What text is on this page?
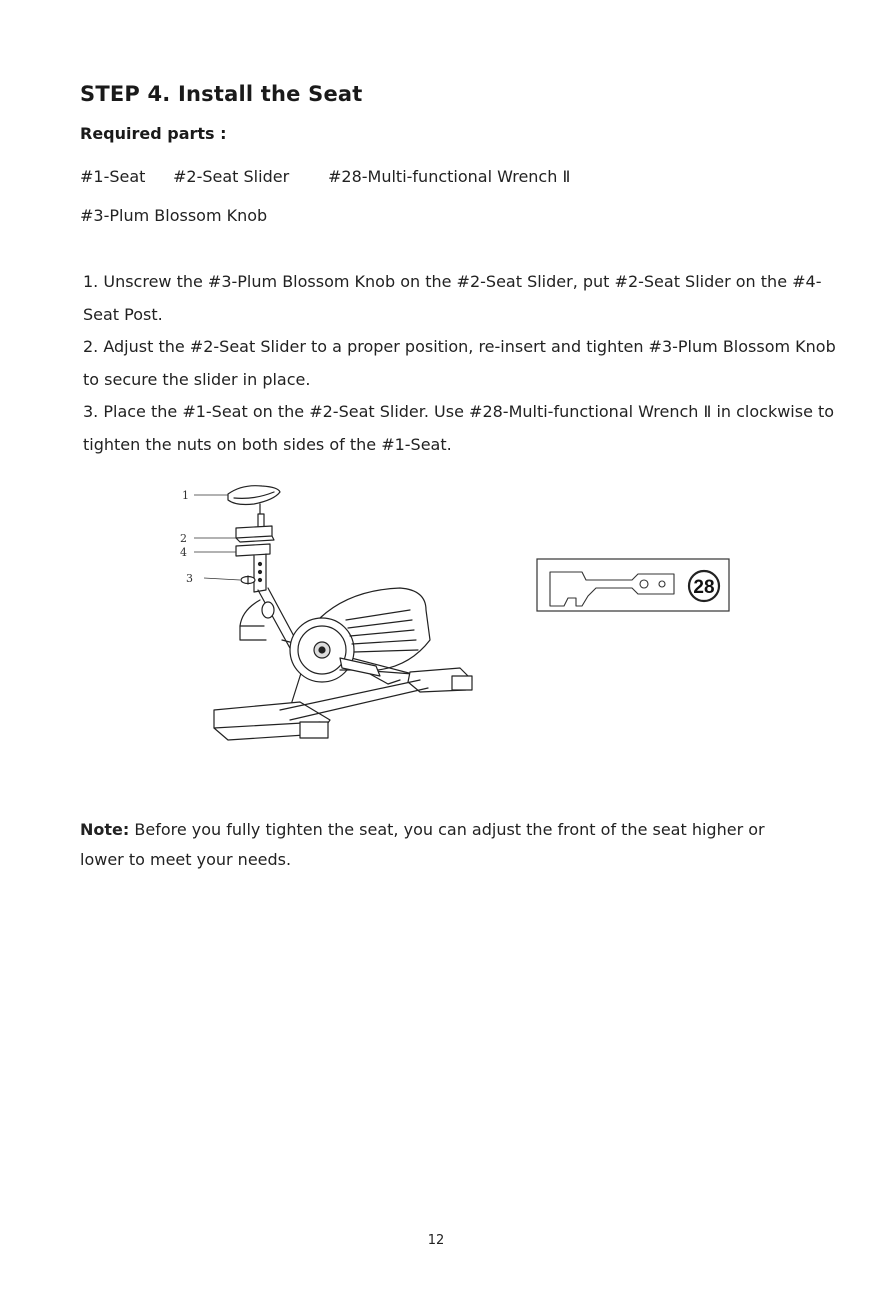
STEP 4. Install the Seat
Required parts :
#1-Seat #2-Seat Slider #28-Multi-functional Wrench Ⅱ
#3-Plum Blossom Knob

1. Unscrew the #3-Plum Blossom Knob on the #2-Seat Slider, put #2-Seat Slider on the #4-Seat Post.

2. Adjust the #2-Seat Slider to a proper position, re-insert and tighten #3-Plum Blossom Knob to secure the slider in place.

3. Place the #1-Seat on the #2-Seat Slider. Use #28-Multi-functional Wrench Ⅱ in clockwise to tighten the nuts on both sides of the #1-Seat.

1
2
4
3	28
Note: Before you fully tighten the seat, you can adjust the front of the seat higher or lower to meet your needs.
12
